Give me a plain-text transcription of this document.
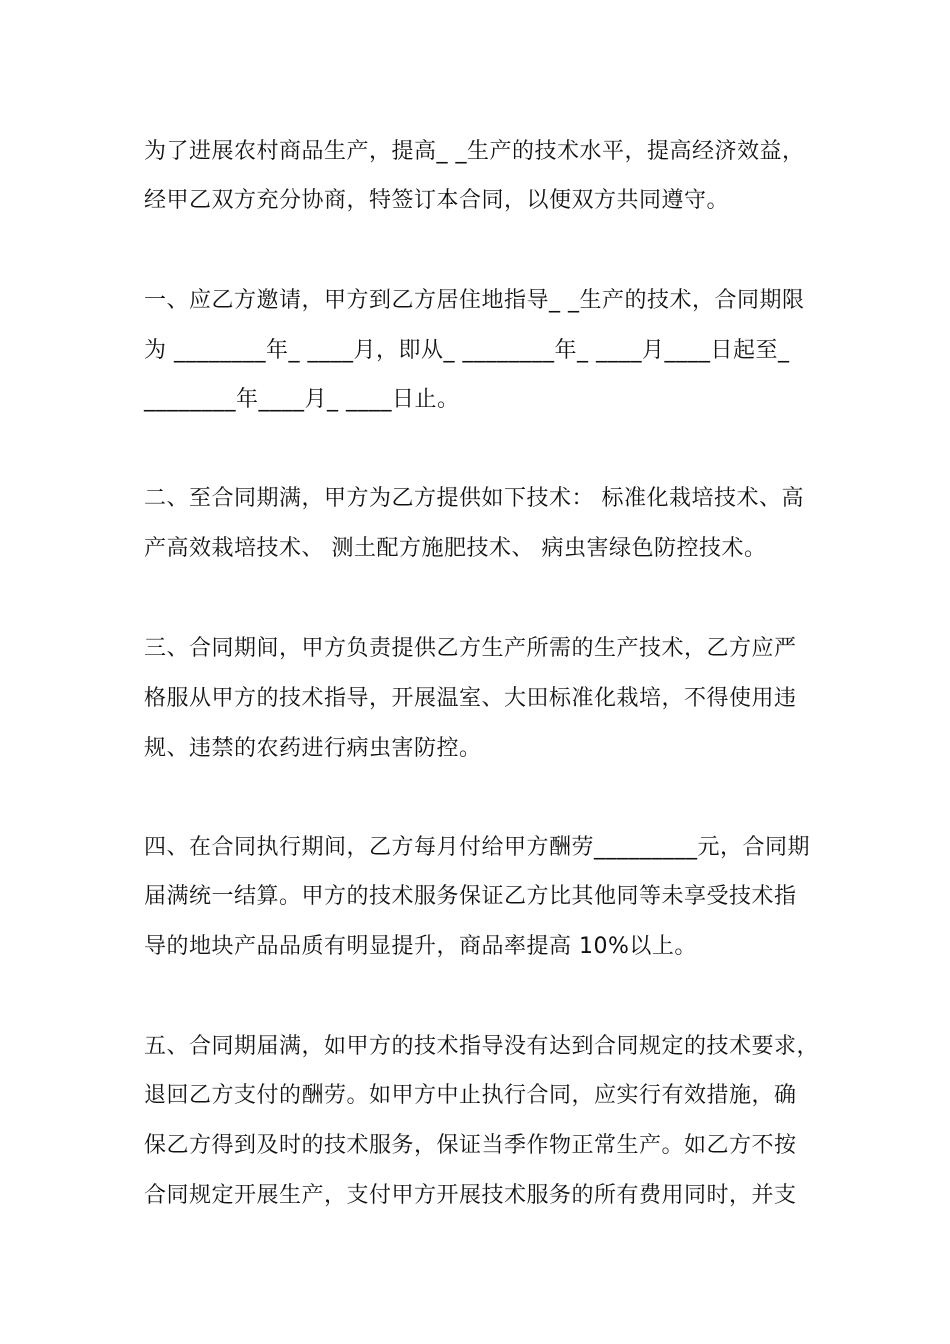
为了进展农村商品生产，提高_ _生产的技术水平，提高经济效益，
经甲乙双方充分协商，特签订本合同，以便双方共同遵守。
一、应乙方邀请，甲方到乙方居住地指导_ _生产的技术，合同期限
为 ________年_ ____月，即从_ ________年_ ____月____日起至_
________年____月_ ____日止。
二、至合同期满，甲方为乙方提供如下技术： 标准化栽培技术、高
产高效栽培技术、 测土配方施肥技术、 病虫害绿色防控技术。
三、合同期间，甲方负责提供乙方生产所需的生产技术，乙方应严
格服从甲方的技术指导，开展温室、大田标准化栽培，不得使用违
规、违禁的农药进行病虫害防控。
四、在合同执行期间，乙方每月付给甲方酬劳_________元，合同期
届满统一结算。甲方的技术服务保证乙方比其他同等未享受技术指
导的地块产品品质有明显提升，商品率提高 10%以上。
五、合同期届满，如甲方的技术指导没有达到合同规定的技术要求，
退回乙方支付的酬劳。如甲方中止执行合同，应实行有效措施，确
保乙方得到及时的技术服务，保证当季作物正常生产。如乙方不按
合同规定开展生产，支付甲方开展技术服务的所有费用同时，并支
